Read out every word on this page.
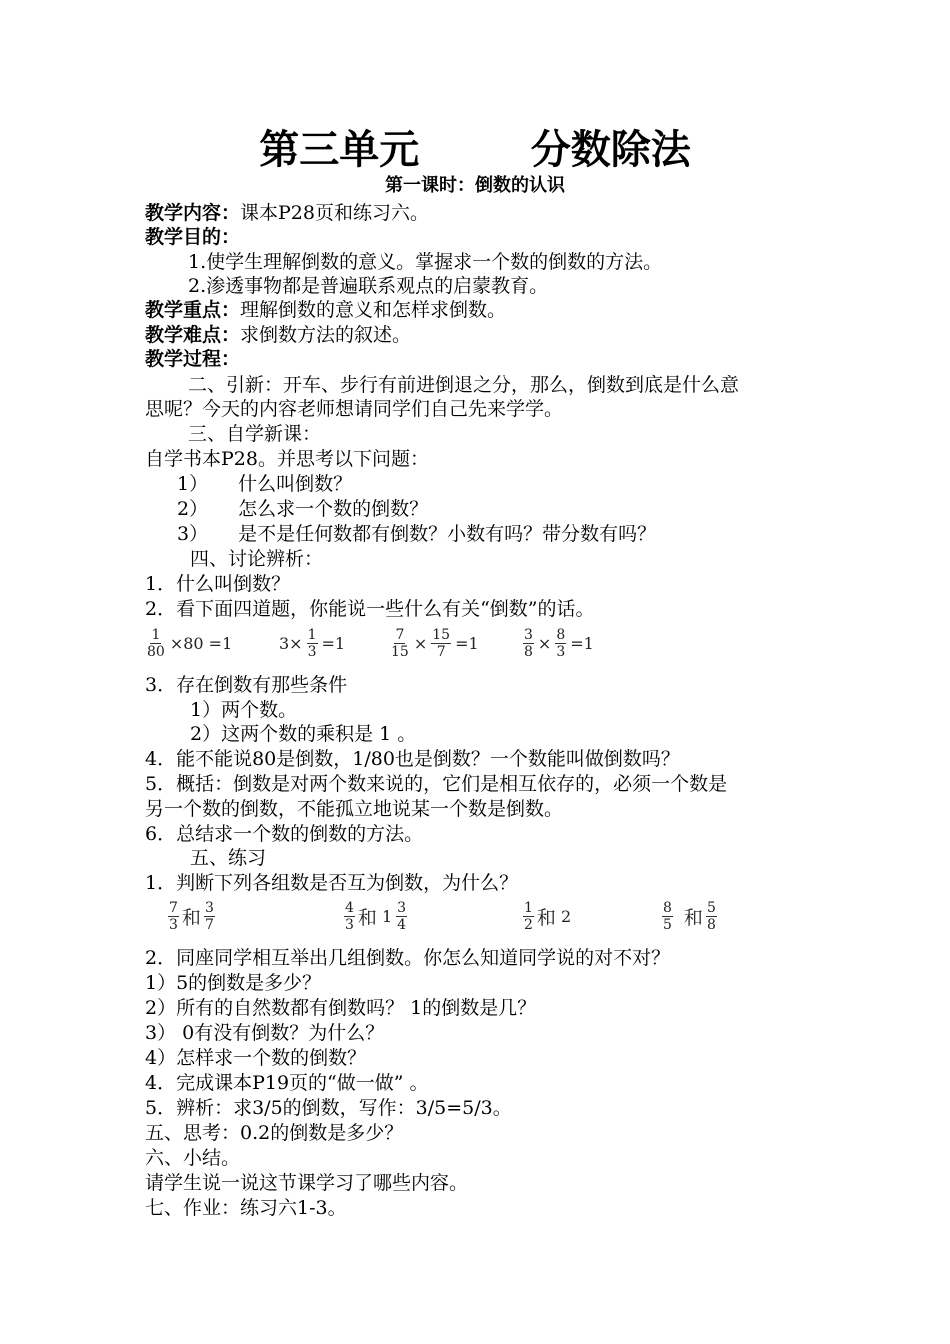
第三单元        分数除法
第一课时：倒数的认识
教学内容：课本P28页和练习六。
教学目的：
1.使学生理解倒数的意义。掌握求一个数的倒数的方法。
2.渗透事物都是普遍联系观点的启蒙教育。
教学重点：理解倒数的意义和怎样求倒数。
教学难点：求倒数方法的叙述。
教学过程：
二、引新：开车、步行有前进倒退之分，那么，倒数到底是什么意
思呢？今天的内容老师想请同学们自己先来学学。
三、自学新课：
自学书本P28。并思考以下问题：
1） 什么叫倒数？
2） 怎么求一个数的倒数？
3） 是不是任何数都有倒数？小数有吗？带分数有吗？
四、讨论辨析：
1．什么叫倒数？
2．看下面四道题，你能说一些什么有关“倒数”的话。
$\frac{1}{80} \times 80 =1$	$3\times \frac{1}{3} =1$	$\frac{7}{15} \times \frac{15}{7} =1$	$\frac{3}{8} \times \frac{8}{3} =1$
3．存在倒数有那些条件
1）两个数。
2）这两个数的乘积是 1 。
4．能不能说80是倒数，1/80也是倒数？一个数能叫做倒数吗？
5．概括：倒数是对两个数来说的，它们是相互依存的，必须一个数是
另一个数的倒数，不能孤立地说某一个数是倒数。
6．总结求一个数的倒数的方法。
五、练习
1．判断下列各组数是否互为倒数，为什么？
$\frac{7}{3}$ 和 $\frac{3}{7}$	$\frac{4}{3}$ 和 $1 \frac{3}{4}$	$\frac{1}{2}$ 和 2	$\frac{8}{5}$ 和 $\frac{5}{8}$
2．同座同学相互举出几组倒数。你怎么知道同学说的对不对？
1）5的倒数是多少？
2）所有的自然数都有倒数吗？ 1的倒数是几？
3） 0有没有倒数？为什么？
4）怎样求一个数的倒数？
4．完成课本P19页的“做一做” 。
5．辨析：求3/5的倒数，写作：3/5=5/3。
五、思考：0.2的倒数是多少？
六、小结。
请学生说一说这节课学习了哪些内容。
七、作业：练习六1-3。
